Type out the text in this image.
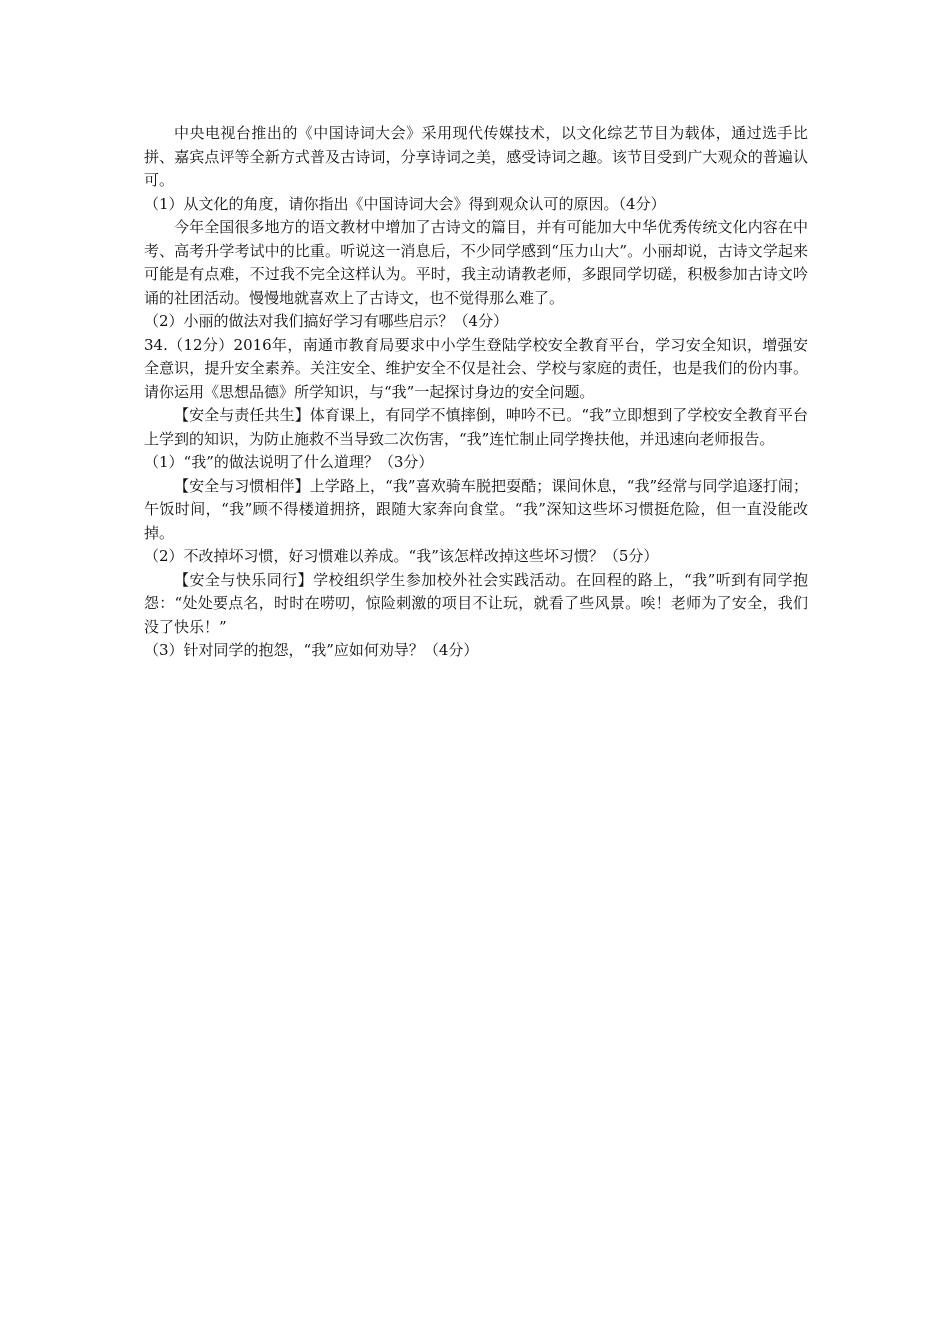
中央电视台推出的《中国诗词大会》采用现代传媒技术，以文化综艺节目为载体，通过选手比拼、嘉宾点评等全新方式普及古诗词，分享诗词之美，感受诗词之趣。该节目受到广大观众的普遍认可。

（1）从文化的角度，请你指出《中国诗词大会》得到观众认可的原因。（4分）

今年全国很多地方的语文教材中增加了古诗文的篇目，并有可能加大中华优秀传统文化内容在中考、高考升学考试中的比重。听说这一消息后，不少同学感到“压力山大”。小丽却说，古诗文学起来可能是有点难，不过我不完全这样认为。平时，我主动请教老师，多跟同学切磋，积极参加古诗文吟诵的社团活动。慢慢地就喜欢上了古诗文，也不觉得那么难了。

（2）小丽的做法对我们搞好学习有哪些启示？（4分）

34.（12分）2016年，南通市教育局要求中小学生登陆学校安全教育平台，学习安全知识，增强安全意识，提升安全素养。关注安全、维护安全不仅是社会、学校与家庭的责任，也是我们的份内事。请你运用《思想品德》所学知识，与“我”一起探讨身边的安全问题。

【安全与责任共生】体育课上，有同学不慎摔倒，呻吟不已。“我”立即想到了学校安全教育平台上学到的知识，为防止施救不当导致二次伤害，“我”连忙制止同学搀扶他，并迅速向老师报告。

（1）“我”的做法说明了什么道理？（3分）

【安全与习惯相伴】上学路上，“我”喜欢骑车脱把耍酷；课间休息，“我”经常与同学追逐打闹；午饭时间，“我”顾不得楼道拥挤，跟随大家奔向食堂。“我”深知这些坏习惯挺危险，但一直没能改掉。

（2）不改掉坏习惯，好习惯难以养成。“我”该怎样改掉这些坏习惯？（5分）

【安全与快乐同行】学校组织学生参加校外社会实践活动。在回程的路上，“我”听到有同学抱怨：“处处要点名，时时在唠叨，惊险刺激的项目不让玩，就看了些风景。唉！老师为了安全，我们没了快乐！”

（3）针对同学的抱怨，“我”应如何劝导？（4分）
